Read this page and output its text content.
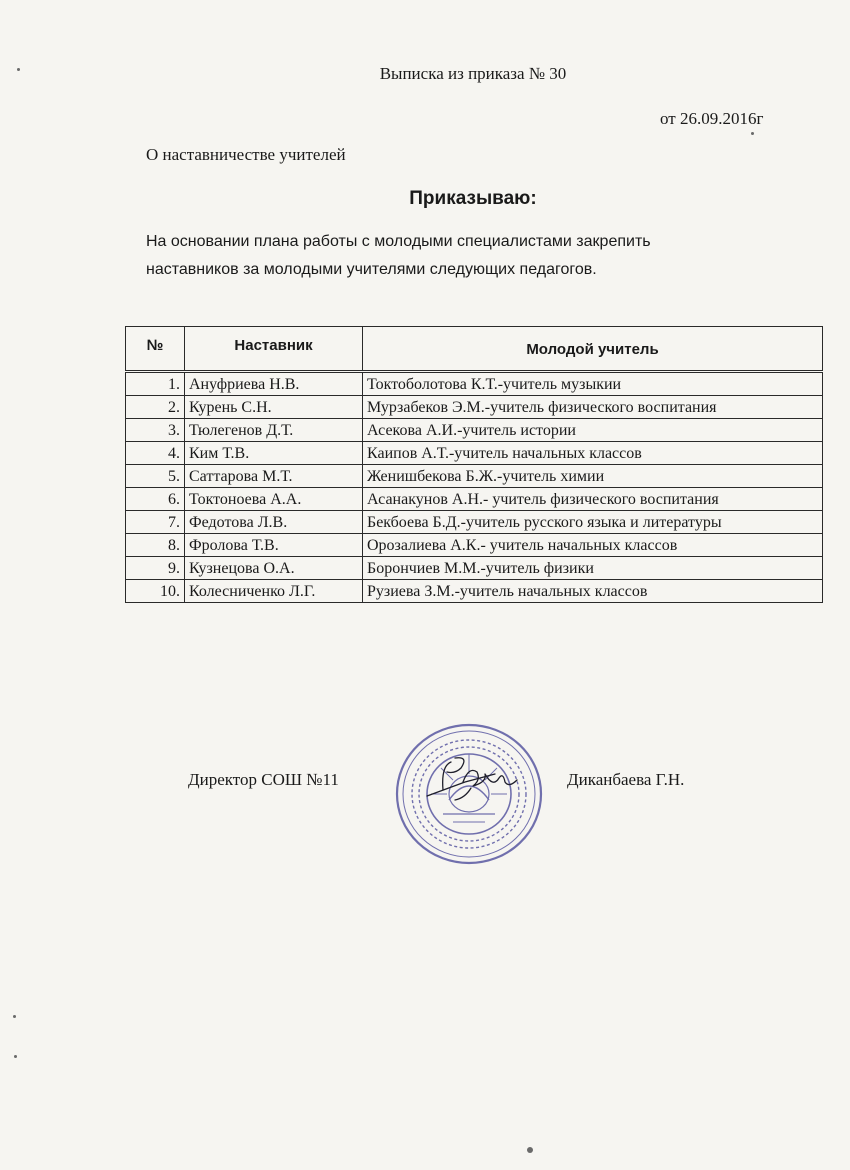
Выписка из приказа № 30
от 26.09.2016г
О наставничестве учителей
Приказываю:

На основании плана работы с молодыми специалистами закрепить

наставников за молодыми учителями следующих педагогов.

№	Наставник	Молодой учитель
1.	Ануфриева Н.В.	Токтоболотова К.Т.-учитель музыкии
2.	Курень С.Н.	Мурзабеков Э.М.-учитель физического воспитания
3.	Тюлегенов Д.Т.	Асекова А.И.-учитель истории
4.	Ким Т.В.	Каипов А.Т.-учитель начальных классов
5.	Саттарова М.Т.	Женишбекова Б.Ж.-учитель химии
6.	Токтоноева А.А.	Асанакунов А.Н.- учитель физического воспитания
7.	Федотова Л.В.	Бекбоева Б.Д.-учитель русского языка и литературы
8.	Фролова Т.В.	Орозалиева А.К.- учитель начальных классов
9.	Кузнецова О.А.	Борончиев М.М.-учитель физики
10.	Колесниченко Л.Г.	Рузиева З.М.-учитель начальных классов
Директор СОШ №11	Диканбаева Г.Н.
